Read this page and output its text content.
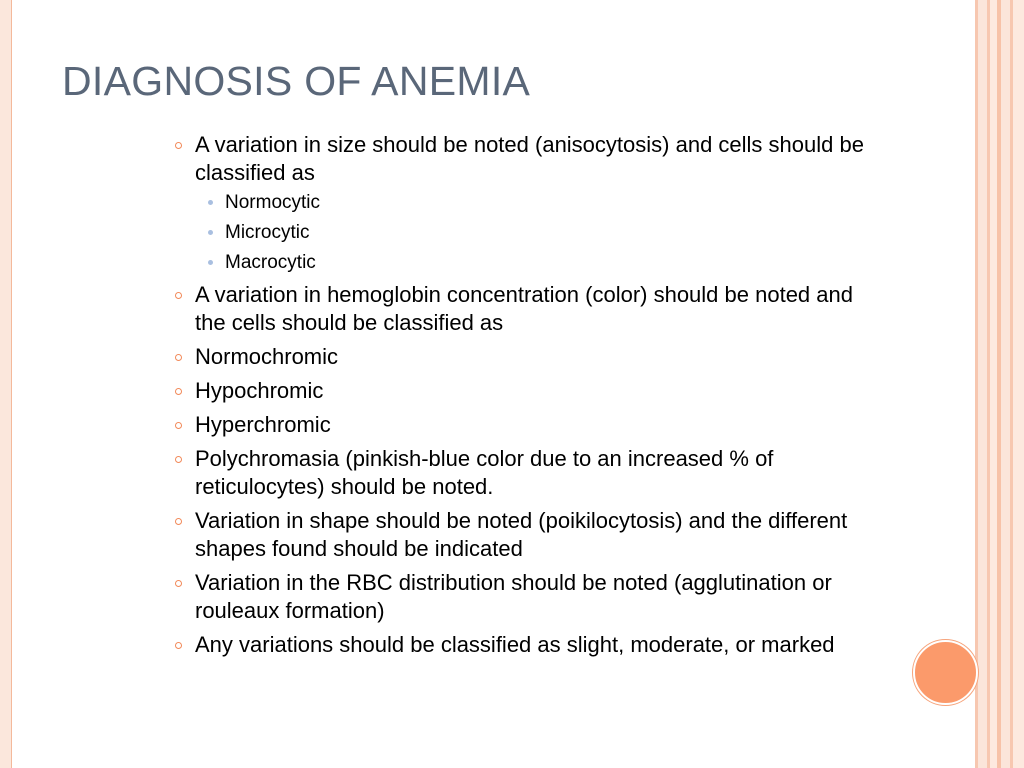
DIAGNOSIS OF ANEMIA
A variation in size should be noted (anisocytosis) and cells should be classified as
Normocytic
Microcytic
Macrocytic
A variation in hemoglobin concentration (color) should be noted and the cells should be classified as
Normochromic
Hypochromic
Hyperchromic
Polychromasia (pinkish-blue color due to an increased % of reticulocytes) should be noted.
Variation in shape should be noted (poikilocytosis) and the different shapes found should be indicated
Variation in the RBC distribution should be noted (agglutination or rouleaux formation)
Any variations should be classified as slight, moderate, or marked
